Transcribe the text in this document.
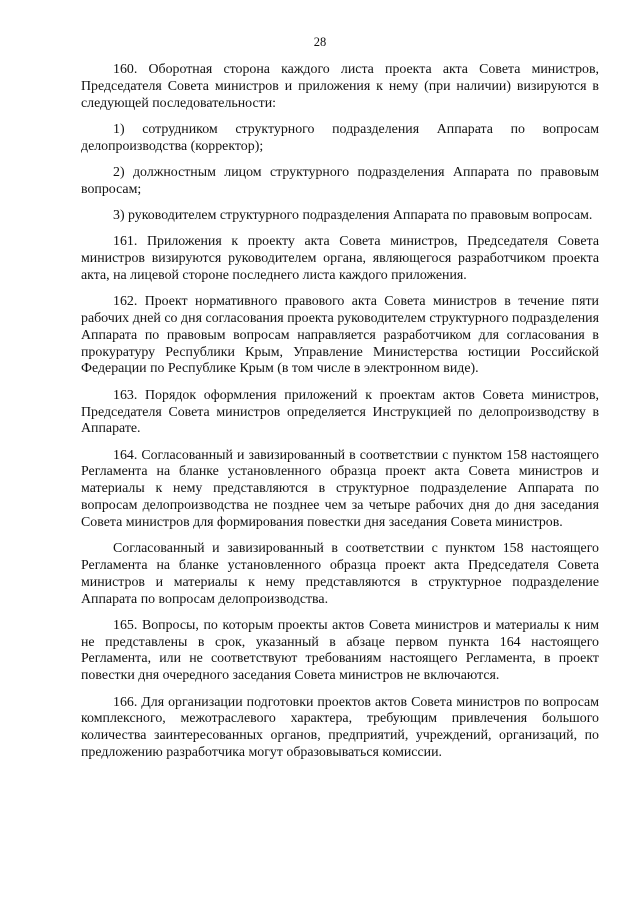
28

160. Оборотная сторона каждого листа проекта акта Совета министров, Председателя Совета министров и приложения к нему (при наличии) визируются в следующей последовательности:

1) сотрудником структурного подразделения Аппарата по вопросам делопроизводства (корректор);

2) должностным лицом структурного подразделения Аппарата по правовым вопросам;

3) руководителем структурного подразделения Аппарата по правовым вопросам.

161. Приложения к проекту акта Совета министров, Председателя Совета министров визируются руководителем органа, являющегося разработчиком проекта акта, на лицевой стороне последнего листа каждого приложения.

162. Проект нормативного правового акта Совета министров в течение пяти рабочих дней со дня согласования проекта руководителем структурного подразделения Аппарата по правовым вопросам направляется разработчиком для согласования в прокуратуру Республики Крым, Управление Министерства юстиции Российской Федерации по Республике Крым (в том числе в электронном виде).

163. Порядок оформления приложений к проектам актов Совета министров, Председателя Совета министров определяется Инструкцией по делопроизводству в Аппарате.

164. Согласованный и завизированный в соответствии с пунктом 158 настоящего Регламента на бланке установленного образца проект акта Совета министров и материалы к нему представляются в структурное подразделение Аппарата по вопросам делопроизводства не позднее чем за четыре рабочих дня до дня заседания Совета министров для формирования повестки дня заседания Совета министров.

Согласованный и завизированный в соответствии с пунктом 158 настоящего Регламента на бланке установленного образца проект акта Председателя Совета министров и материалы к нему представляются в структурное подразделение Аппарата по вопросам делопроизводства.

165. Вопросы, по которым проекты актов Совета министров и материалы к ним не представлены в срок, указанный в абзаце первом пункта 164 настоящего Регламента, или не соответствуют требованиям настоящего Регламента, в проект повестки дня очередного заседания Совета министров не включаются.

166. Для организации подготовки проектов актов Совета министров по вопросам комплексного, межотраслевого характера, требующим привлечения большого количества заинтересованных органов, предприятий, учреждений, организаций, по предложению разработчика могут образовываться комиссии.
